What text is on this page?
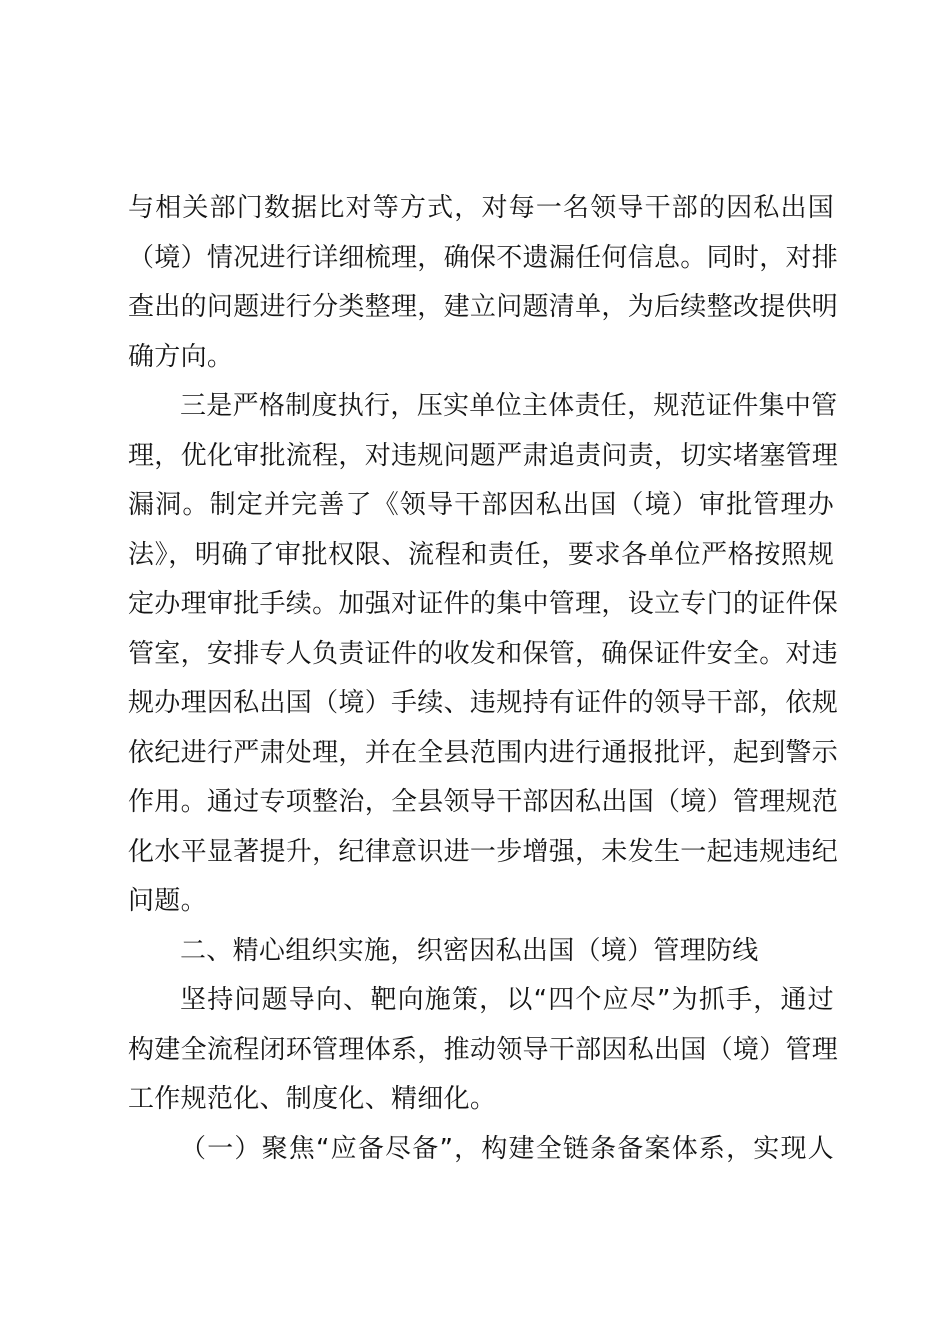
与相关部门数据比对等方式，对每一名领导干部的因私出国
（境）情况进行详细梳理，确保不遗漏任何信息。同时，对排
查出的问题进行分类整理，建立问题清单，为后续整改提供明
确方向。
三是严格制度执行，压实单位主体责任，规范证件集中管
理，优化审批流程，对违规问题严肃追责问责，切实堵塞管理
漏洞。制定并完善了《领导干部因私出国（境）审批管理办
法》，明确了审批权限、流程和责任，要求各单位严格按照规
定办理审批手续。加强对证件的集中管理，设立专门的证件保
管室，安排专人负责证件的收发和保管，确保证件安全。对违
规办理因私出国（境）手续、违规持有证件的领导干部，依规
依纪进行严肃处理，并在全县范围内进行通报批评，起到警示
作用。通过专项整治，全县领导干部因私出国（境）管理规范
化水平显著提升，纪律意识进一步增强，未发生一起违规违纪
问题。
二、精心组织实施，织密因私出国（境）管理防线
坚持问题导向、靶向施策，以“四个应尽”为抓手，通过
构建全流程闭环管理体系，推动领导干部因私出国（境）管理
工作规范化、制度化、精细化。
（一）聚焦“应备尽备”，构建全链条备案体系，实现人
